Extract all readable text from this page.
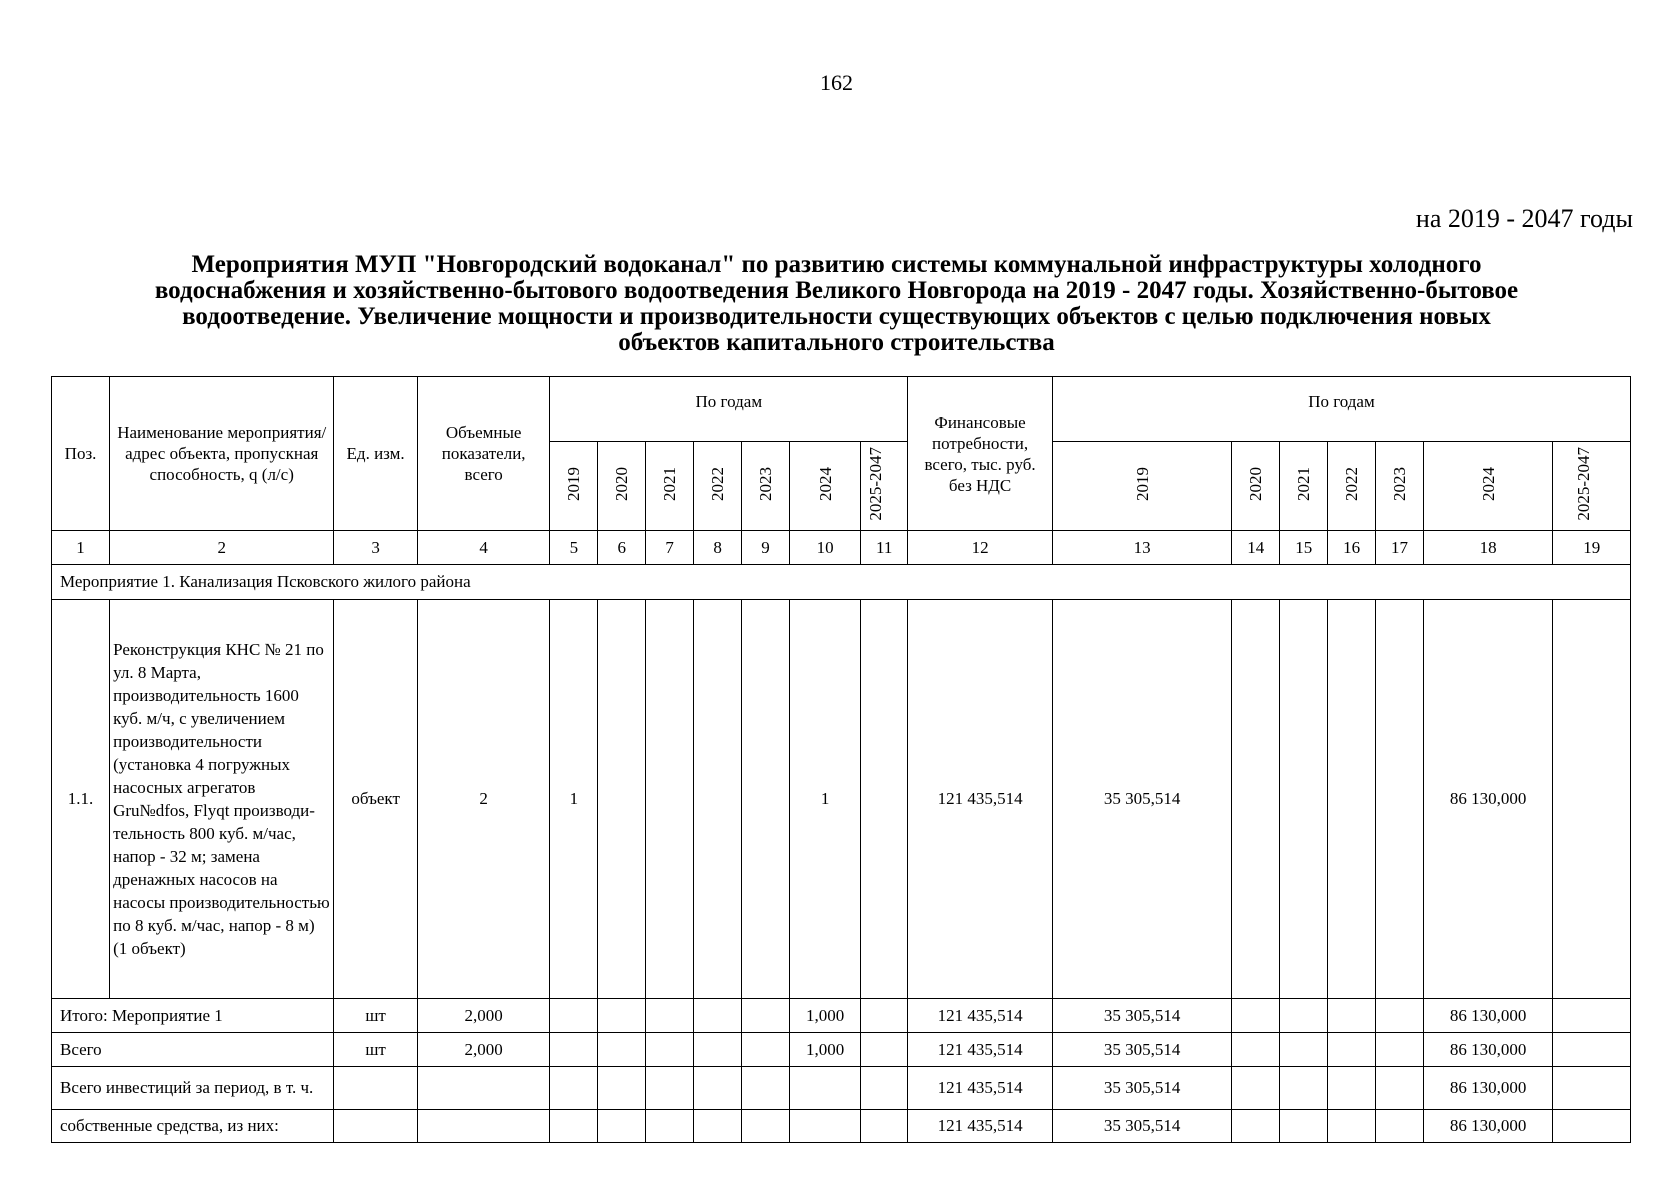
162
на 2019 - 2047 годы
Мероприятия МУП "Новгородский водоканал" по развитию системы коммунальной инфраструктуры холодного
водоснабжения и хозяйственно-бытового водоотведения Великого Новгорода на 2019 - 2047 годы. Хозяйственно-бытовое
водоотведение. Увеличение мощности и производительности существующих объектов с целью подключения новых
объектов капитального строительства
Поз.	Наименование мероприятия/адрес объекта, пропускная способность, q (л/с)	Ед. изм.	Объемные показатели, всего	По годам							Финансовые потребности, всего, тыс. руб. без НДС	По годам						
				2019	2020	2021	2022	2023	2024	2025-2047		2019	2020	2021	2022	2023	2024	2025-2047
1	2	3	4	5	6	7	8	9	10	11	12	13	14	15	16	17	18	19
Мероприятие 1. Канализация Псковского жилого района																		
1.1.	Реконструкция КНС № 21 по ул. 8 Марта, производительность 1600 куб. м/ч, с увеличением производительности (установка 4 погружных насосных агрегатов Gru№dfos, Flyqt производи-тельность 800 куб. м/час, напор - 32 м; замена дренажных насосов на насосы производительностью по 8 куб. м/час, напор - 8 м) (1 объект)	объект	2	1					1		121 435,514	35 305,514					86 130,000	
Итого: Мероприятие 1		шт	2,000						1,000		121 435,514	35 305,514					86 130,000	
Всего		шт	2,000						1,000		121 435,514	35 305,514					86 130,000	
Всего инвестиций за период, в т. ч.											121 435,514	35 305,514					86 130,000	
собственные средства, из них:											121 435,514	35 305,514					86 130,000	
